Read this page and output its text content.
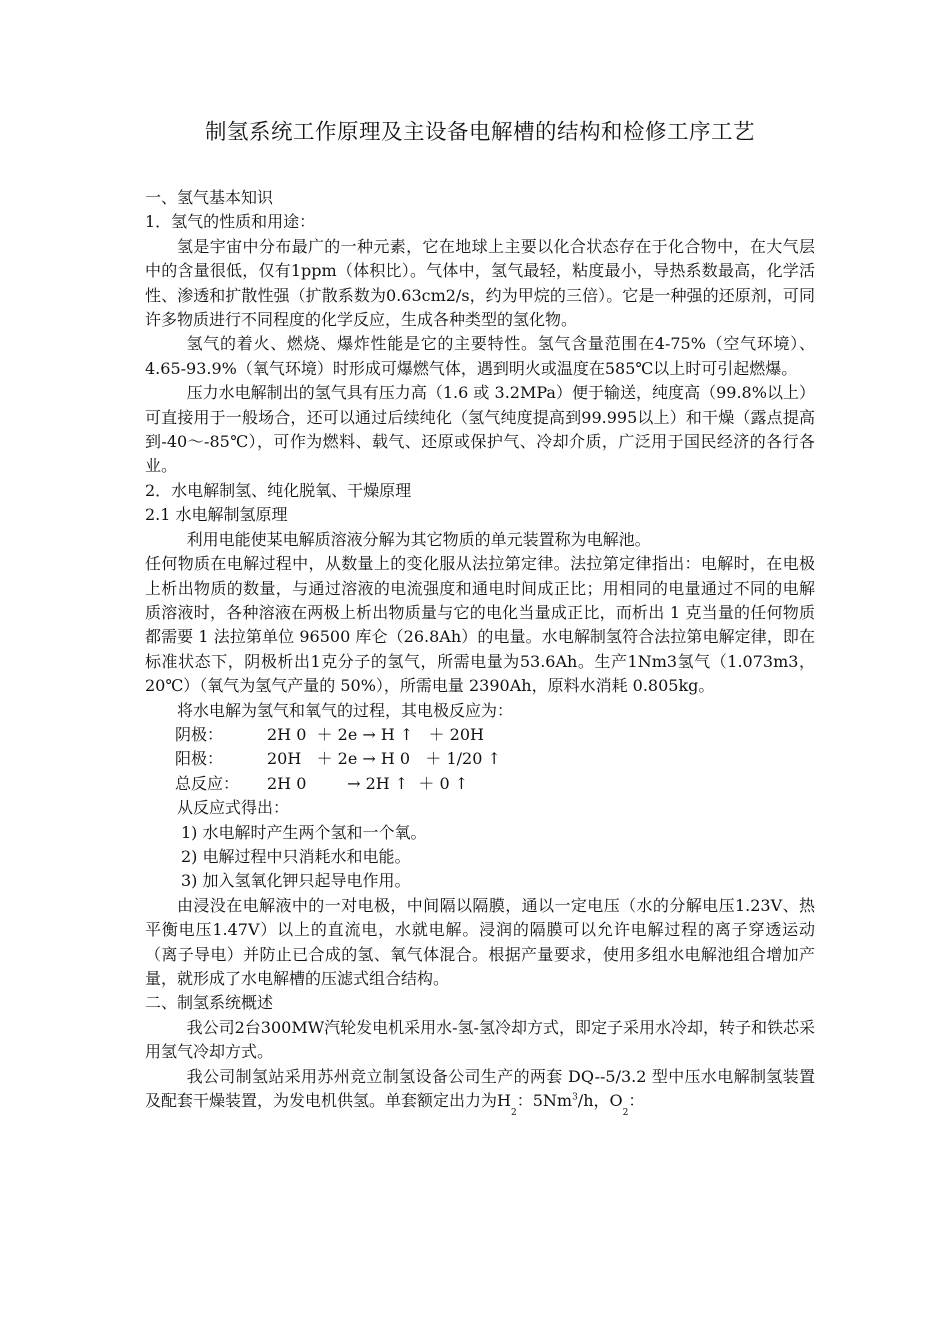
制氢系统工作原理及主设备电解槽的结构和检修工序工艺

一、氢气基本知识

1．氢气的性质和用途：

氢是宇宙中分布最广的一种元素，它在地球上主要以化合状态存在于化合物中，在大气层中的含量很低，仅有1ppm（体积比）。气体中，氢气最轻，粘度最小，导热系数最高，化学活性、渗透和扩散性强（扩散系数为0.63cm2/s，约为甲烷的三倍）。它是一种强的还原剂，可同许多物质进行不同程度的化学反应，生成各种类型的氢化物。

氢气的着火、燃烧、爆炸性能是它的主要特性。氢气含量范围在4-75%（空气环境）、4.65-93.9%（氧气环境）时形成可爆燃气体，遇到明火或温度在585℃以上时可引起燃爆。

压力水电解制出的氢气具有压力高（1.6 或 3.2MPa）便于输送，纯度高（99.8%以上）可直接用于一般场合，还可以通过后续纯化（氢气纯度提高到99.995以上）和干燥（露点提高到-40～-85℃），可作为燃料、载气、还原或保护气、冷却介质，广泛用于国民经济的各行各业。

2．水电解制氢、纯化脱氧、干燥原理

2.1 水电解制氢原理

利用电能使某电解质溶液分解为其它物质的单元装置称为电解池。

任何物质在电解过程中，从数量上的变化服从法拉第定律。法拉第定律指出：电解时，在电极上析出物质的数量，与通过溶液的电流强度和通电时间成正比；用相同的电量通过不同的电解质溶液时，各种溶液在两极上析出物质量与它的电化当量成正比，而析出 1 克当量的任何物质都需要 1 法拉第单位 96500 库仑（26.8Ah）的电量。水电解制氢符合法拉第电解定律，即在标准状态下，阴极析出1克分子的氢气，所需电量为53.6Ah。生产1Nm3氢气（1.073m3，20℃）（氧气为氢气产量的 50%），所需电量 2390Ah，原料水消耗 0.805kg。

将水电解为氢气和氧气的过程，其电极反应为：

阴极：	2H 0  ＋ 2e → H ↑   ＋ 20H

阳极：	20H   ＋ 2e → H 0   ＋ 1/20 ↑

总反应： 2H 0        → 2H ↑  ＋ 0 ↑

从反应式得出：

1) 水电解时产生两个氢和一个氧。

2) 电解过程中只消耗水和电能。

3) 加入氢氧化钾只起导电作用。

由浸没在电解液中的一对电极，中间隔以隔膜，通以一定电压（水的分解电压1.23V、热平衡电压1.47V）以上的直流电，水就电解。浸润的隔膜可以允许电解过程的离子穿透运动（离子导电）并防止已合成的氢、氧气体混合。根据产量要求，使用多组水电解池组合增加产量，就形成了水电解槽的压滤式组合结构。

二、制氢系统概述

我公司2台300MW汽轮发电机采用水-氢-氢冷却方式，即定子采用水冷却，转子和铁芯采用氢气冷却方式。

我公司制氢站采用苏州竞立制氢设备公司生产的两套 DQ--5/3.2 型中压水电解制氢装置及配套干燥装置，为发电机供氢。单套额定出力为$H_2$：5Nm$^3$/h，$O_2$：
